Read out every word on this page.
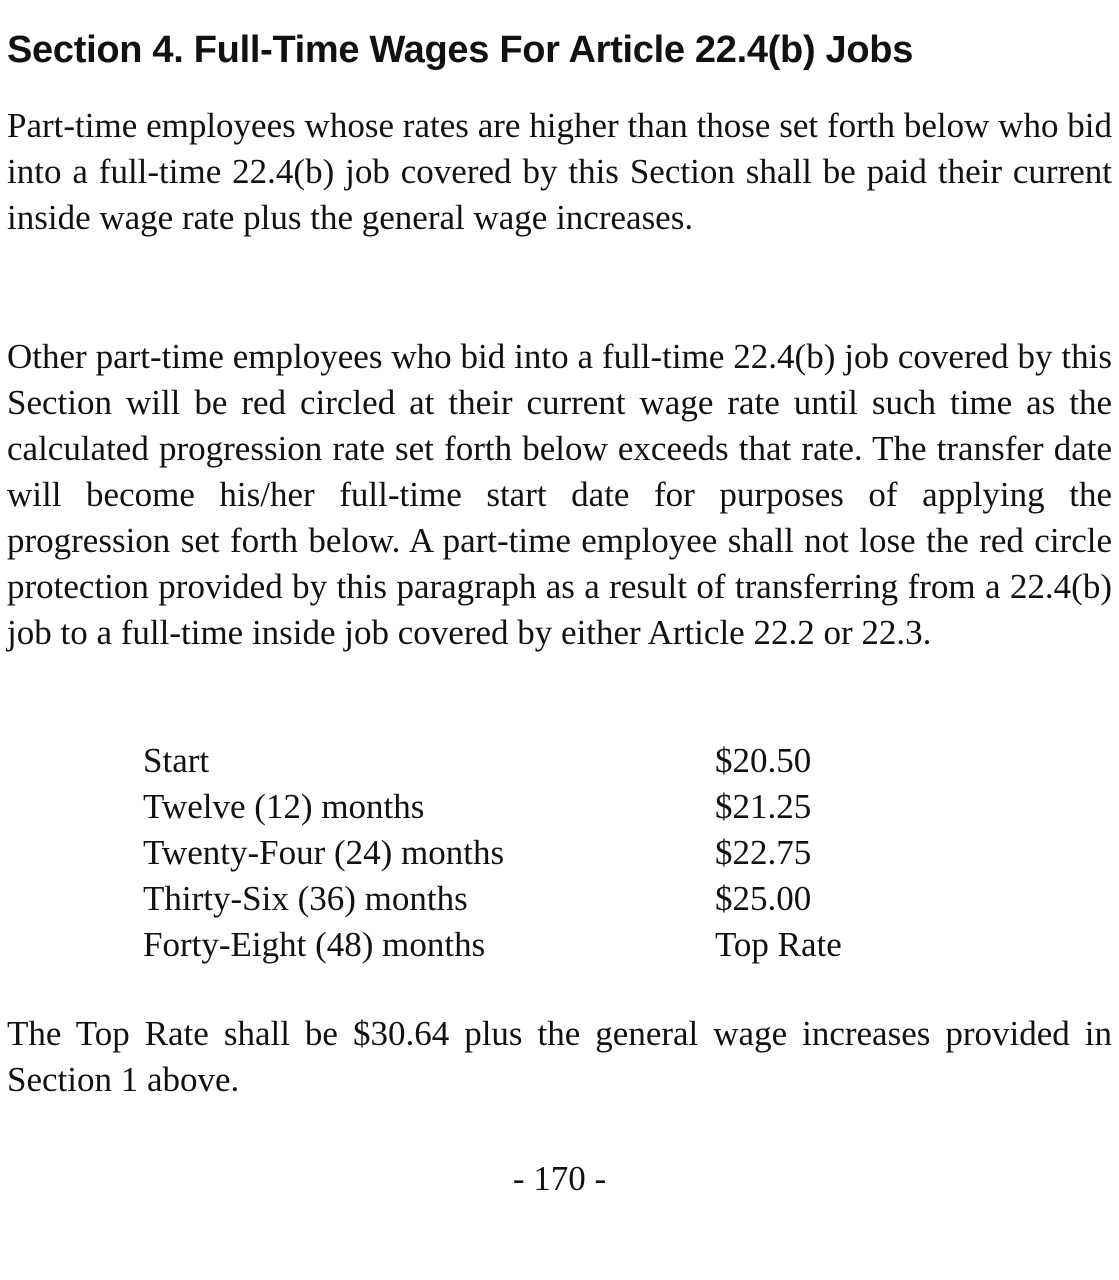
Section 4. Full-Time Wages For Article 22.4(b) Jobs

Part-time employees whose rates are higher than those set forth below who bid into a full-time 22.4(b) job covered by this Section shall be paid their current inside wage rate plus the general wage increases.

Other part-time employees who bid into a full-time 22.4(b) job covered by this Section will be red circled at their current wage rate until such time as the calculated progression rate set forth below exceeds that rate. The transfer date will become his/her full-time start date for purposes of applying the progression set forth below. A part-time employee shall not lose the red circle protection provided by this paragraph as a result of transferring from a 22.4(b) job to a full-time inside job covered by either Article 22.2 or 22.3.

Start	$20.50
Twelve (12) months	$21.25
Twenty-Four (24) months	$22.75
Thirty-Six (36) months	$25.00
Forty-Eight (48) months	Top Rate

The Top Rate shall be $30.64 plus the general wage increases provided in Section 1 above.

- 170 -
